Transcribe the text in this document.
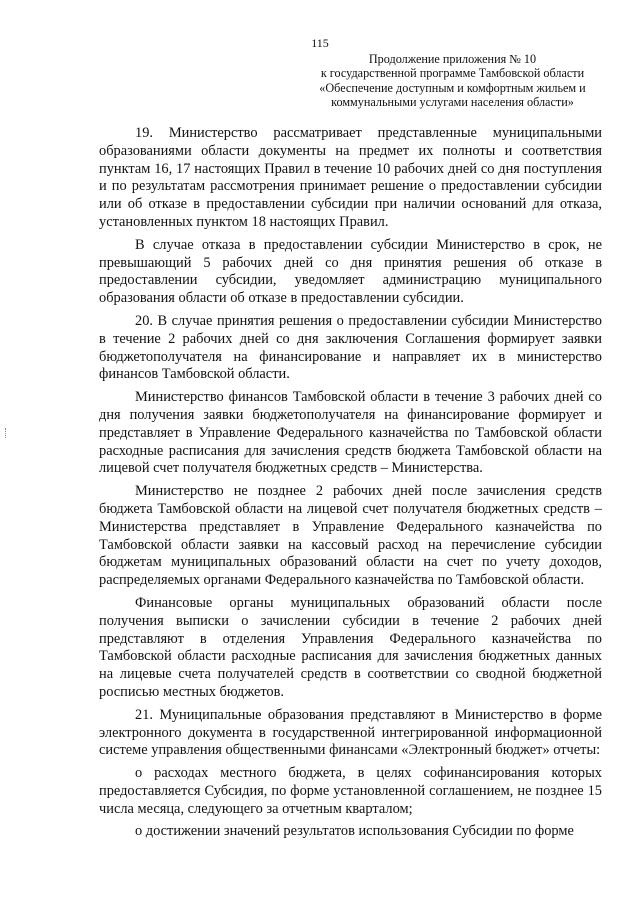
115
Продолжение приложения № 10
к государственной программе Тамбовской области
«Обеспечение доступным и комфортным жильем и
коммунальными услугами населения области»

19. Министерство рассматривает представленные муниципальными образованиями области документы на предмет их полноты и соответствия пунктам 16, 17 настоящих Правил в течение 10 рабочих дней со дня поступления и по результатам рассмотрения принимает решение о предоставлении субсидии или об отказе в предоставлении субсидии при наличии оснований для отказа, установленных пунктом 18 настоящих Правил.

В случае отказа в предоставлении субсидии Министерство в срок, не превышающий 5 рабочих дней со дня принятия решения об отказе в предоставлении субсидии, уведомляет администрацию муниципального образования области об отказе в предоставлении субсидии.

20. В случае принятия решения о предоставлении субсидии Министерство в течение 2 рабочих дней со дня заключения Соглашения формирует заявки бюджетополучателя на финансирование и направляет их в министерство финансов Тамбовской области.

Министерство финансов Тамбовской области в течение 3 рабочих дней со дня получения заявки бюджетополучателя на финансирование формирует и представляет в Управление Федерального казначейства по Тамбовской области расходные расписания для зачисления средств бюджета Тамбовской области на лицевой счет получателя бюджетных средств – Министерства.

Министерство не позднее 2 рабочих дней после зачисления средств бюджета Тамбовской области на лицевой счет получателя бюджетных средств – Министерства представляет в Управление Федерального казначейства по Тамбовской области заявки на кассовый расход на перечисление субсидии бюджетам муниципальных образований области на счет по учету доходов, распределяемых органами Федерального казначейства по Тамбовской области.

Финансовые органы муниципальных образований области после получения выписки о зачислении субсидии в течение 2 рабочих дней представляют в отделения Управления Федерального казначейства по Тамбовской области расходные расписания для зачисления бюджетных данных на лицевые счета получателей средств в соответствии со сводной бюджетной росписью местных бюджетов.

21. Муниципальные образования представляют в Министерство в форме электронного документа в государственной интегрированной информационной системе управления общественными финансами «Электронный бюджет» отчеты:

о расходах местного бюджета, в целях софинансирования которых предоставляется Субсидия, по форме установленной соглашением, не позднее 15 числа месяца, следующего за отчетным кварталом;

о достижении значений результатов использования Субсидии по форме
